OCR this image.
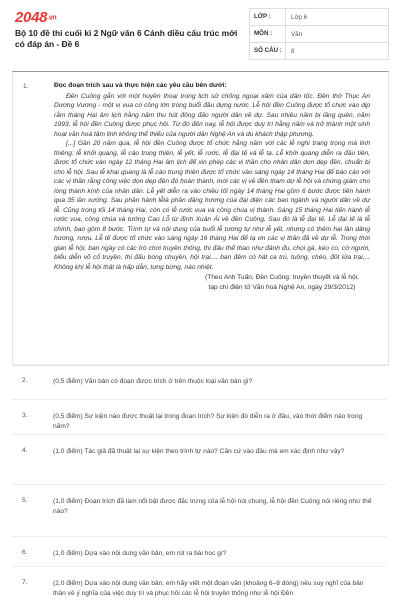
2048.vn
Bộ 10 đề thi cuối kì 2 Ngữ văn 6 Cánh diều cấu trúc mới có đáp án - Đề 6
LỚP :	Lớp 6
MÔN :	Văn
SỐ CÂU :	8
1.	Đọc đoạn trích sau và thực hiện các yêu cầu bên dưới:

Đền Cuông gắn với một huyền thoại trong lịch sử chống ngoại xâm của dân tộc. Đền thờ Thục An Dương Vương - một vị vua có công lớn trong buổi đầu dựng nước. Lễ hội đền Cuông được tổ chức vào dịp rằm tháng Hai âm lịch hằng năm thu hút đông đảo người dân về dự. Sau nhiều năm bị lãng quên, năm 1993, lễ hội đền Cuông được phục hồi. Từ đó đến nay, lễ hội được duy trì hằng năm và trở thành một sinh hoạt văn hoá tâm linh không thể thiếu của người dân Nghệ An và du khách thập phương.

[...] Gần 20 năm qua, lễ hội đền Cuông được tổ chức hằng năm với các lễ nghi trang trọng mà linh thiêng: lễ khởi quang, lễ cáo trung thiên, lễ yết, lễ rước, lễ đại tế và lễ tạ. Lễ khởi quang diễn ra đầu tiên, được tổ chức vào ngày 12 tháng Hai âm lịch để xin phép các vị thần cho nhân dân dọn dẹp đền, chuẩn bị cho lễ hội. Sau lễ khai quang là lễ cáo trung thiên được tổ chức vào sáng ngày 14 tháng Hai để báo cáo với các vị thần rằng công việc dọn dẹp đền đó hoàn thành, mời các vị về đền tham dự lễ hội và chứng giám cho lòng thành kính của nhân dân. Lễ yết diễn ra vào chiều tối ngày 14 tháng Hai gồm 6 bước được tiến hành qua 35 lần xướng. Sau phần hành lễlà phần dâng hương của đại diện các ban ngành và người dân về dự lễ. Cũng trong tối 14 tháng Hai, còn có lễ rước vua và công chúa vị thành. Sáng 15 tháng Hai tiến hành lễ rước vua, công chúa và tướng Cao Lỗ từ đình Xuân Ái về đền Cuông. Sau đó là lễ đại tế. Lễ đại tế là lễ chính, bao gồm 8 bước. Trình tự và nội dung của buổi lễ tương tự như lễ yết, nhưng có thêm hai lần dâng hương, rượu. Lễ tế được tổ chức vào sáng ngày 16 tháng Hai để tạ ơn các vị thần đã về dự lễ. Trong thời gian lễ hội, ban ngày có các trò chơi truyền thống, thi đấu thể thao như đánh đu, chọi gà, kéo co, cờ người, biểu diễn võ cổ truyền, thi đấu bóng chuyền, hội trại,... ban đêm có hát ca trù, tuồng, chèo, đốt lửa trại,... Không khí lễ hội thật là hấp dẫn, tưng bừng, náo nhiệt.

(Theo Anh Tuấn, Đền Cuông: truyền thuyết và lễ hội,
tạp chí điện tử Văn hoá Nghệ An, ngày 29/3/2012)
2.	(0,5 điểm) Văn bản có đoạn được trích ở trên thuộc loại văn bản gì?
3.	(0,5 điểm) Sự kiện nào được thuật lại trong đoạn trích? Sự kiện đó diễn ra ở đâu, vào thời điểm nào trong năm?
4.	(1,0 điểm) Tác giả đã thuật lại sự kiện theo trình tự nào? Căn cứ vào đâu mà em xác định như vậy?
5.	(1,0 điểm) Đoạn trích đã làm nổi bật được đặc trưng của lễ hội nói chung, lễ hội đền Cuông nói riêng như thế nào?
6.	(1,0 điểm) Dựa vào nội dung văn bản, em rút ra bài học gì?
7.	(2,0 điểm) Dựa vào nội dung văn bản, em hãy viết một đoạn văn (khoảng 6–8 dòng) nêu suy nghĩ của bản thân về ý nghĩa của việc duy trì và phục hồi các lễ hội truyền thống như lễ hội Đền
